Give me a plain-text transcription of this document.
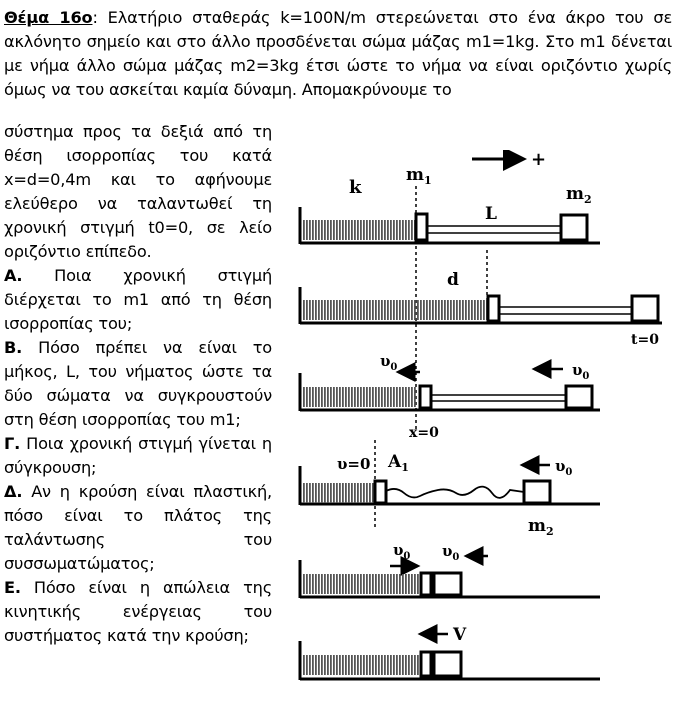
Θέμα 16ο: Ελατήριο σταθεράς k=100N/m στερεώνεται στο ένα άκρο του σε ακλόνητο σημείο και στο άλλο προσδένεται σώμα μάζας m1=1kg. Στο m1 δένεται με νήμα άλλο σώμα μάζας m2=3kg έτσι ώστε το νήμα να είναι οριζόντιο χωρίς όμως να του ασκείται καμία δύναμη. Απομακρύνουμε το

σύστημα προς τα δεξιά από τη θέση ισορροπίας του κατά x=d=0,4m και το αφήνουμε ελεύθερο να ταλαντωθεί τη χρονική στιγμή t0=0, σε λείο οριζόντιο επίπεδο.

Α. Ποια χρονική στιγμή διέρχεται το m1 από τη θέση ισορροπίας του;

Β. Πόσο πρέπει να είναι το μήκος, L, του νήματος ώστε τα δύο σώματα να συγκρουστούν στη θέση ισορροπίας του m1;

Γ. Ποια χρονική στιγμή γίνεται η σύγκρουση;

Δ. Αν η κρούση είναι πλαστική, πόσο είναι το πλάτος της ταλάντωσης του συσσωματώματος;

Ε. Πόσο είναι η απώλεια της κινητικής ενέργειας του συστήματος κατά την κρούση;

+
k
$m_1$
$m_2$
L
d
t=0
$\upsilon_0$	$\upsilon_0$
x=0
υ=0 $A_1$	$\upsilon_0$
$m_2$
$\upsilon_0$ $\upsilon_0$
V
